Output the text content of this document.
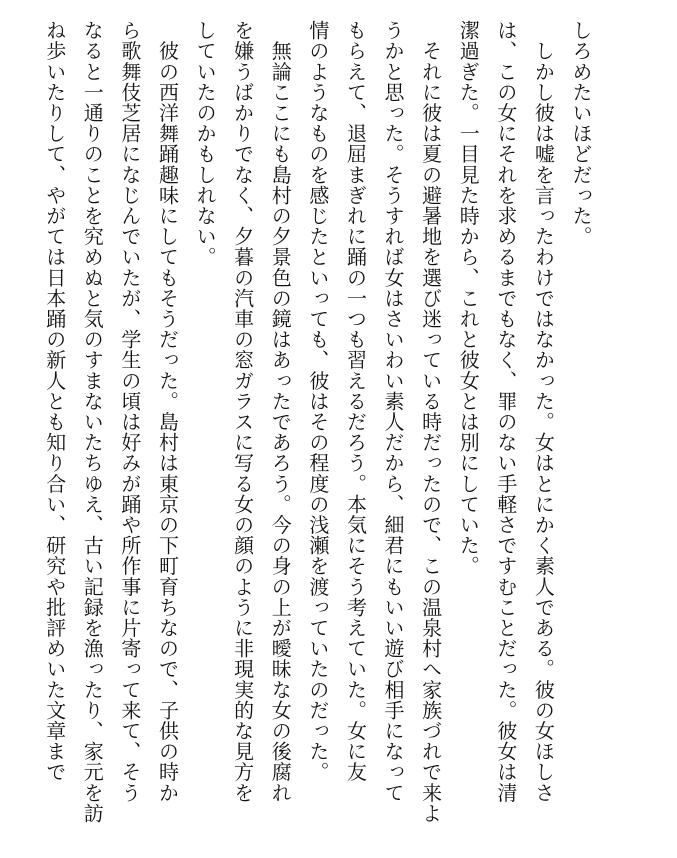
しろめたいほどだった。

　しかし彼は嘘を言ったわけではなかった。女はとにかく素人である。彼の女ほしさ

は、この女にそれを求めるまでもなく、罪のない手軽さですむことだった。彼女は清

潔過ぎた。一目見た時から、これと彼女とは別にしていた。

　それに彼は夏の避暑地を選び迷っている時だったので、この温泉村へ家族づれで来よ

うかと思った。そうすれば女はさいわい素人だから、細君にもいい遊び相手になって

もらえて、退屈まぎれに踊の一つも習えるだろう。本気にそう考えていた。女に友

情のようなものを感じたといっても、彼はその程度の浅瀬を渡っていたのだった。

　無論ここにも島村の夕景色の鏡はあったであろう。今の身の上が曖昧な女の後腐れ

を嫌うばかりでなく、夕暮の汽車の窓ガラスに写る女の顔のように非現実的な見方を

していたのかもしれない。

　彼の西洋舞踊趣味にしてもそうだった。島村は東京の下町育ちなので、子供の時か

ら歌舞伎芝居になじんでいたが、学生の頃は好みが踊や所作事に片寄って来て、そう

なると一通りのことを究めぬと気のすまないたちゆえ、古い記録を漁ったり、家元を訪

ね歩いたりして、やがては日本踊の新人とも知り合い、研究や批評めいた文章まで
